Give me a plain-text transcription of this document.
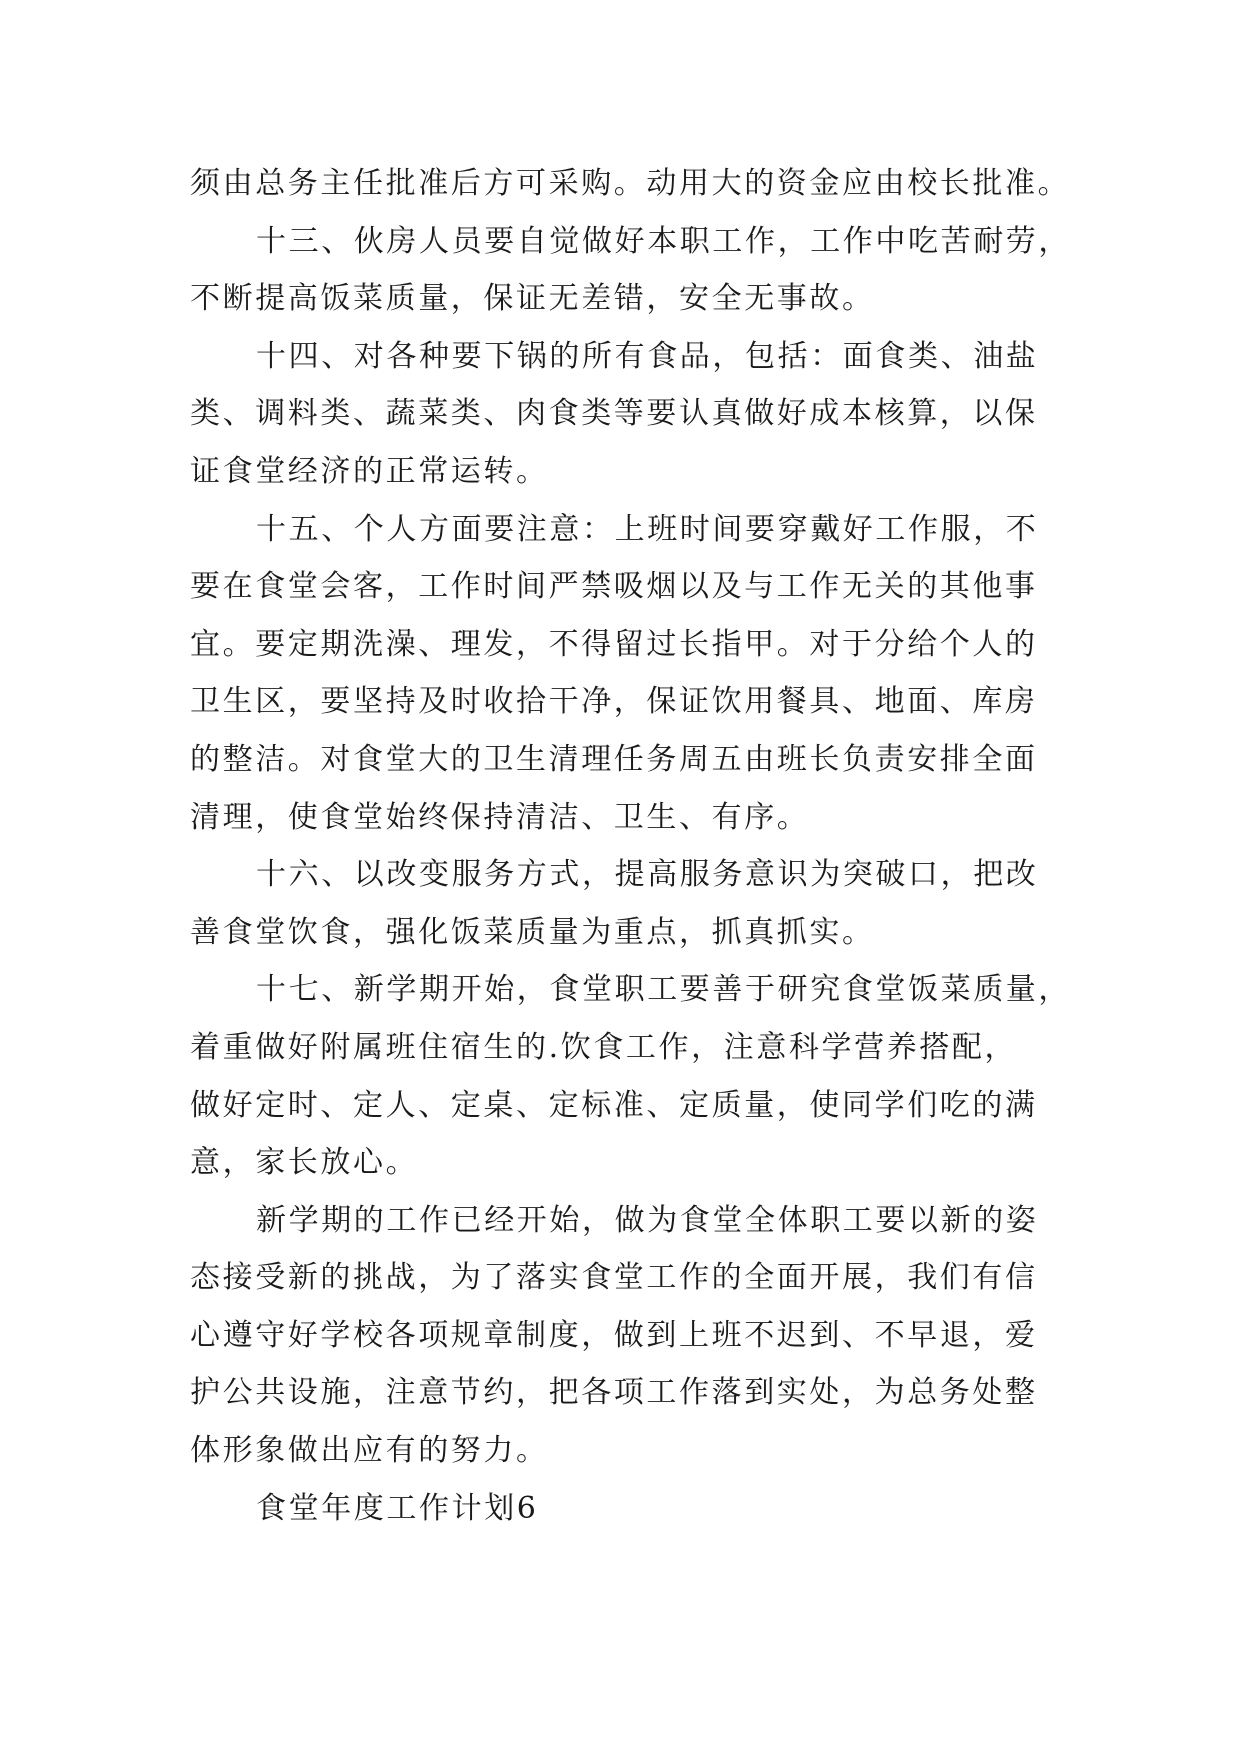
须由总务主任批准后方可采购。动用大的资金应由校长批准。
十三、伙房人员要自觉做好本职工作，工作中吃苦耐劳，
不断提高饭菜质量，保证无差错，安全无事故。
十四、对各种要下锅的所有食品，包括：面食类、油盐
类、调料类、蔬菜类、肉食类等要认真做好成本核算，以保
证食堂经济的正常运转。
十五、个人方面要注意：上班时间要穿戴好工作服，不
要在食堂会客，工作时间严禁吸烟以及与工作无关的其他事
宜。要定期洗澡、理发，不得留过长指甲。对于分给个人的
卫生区，要坚持及时收拾干净，保证饮用餐具、地面、库房
的整洁。对食堂大的卫生清理任务周五由班长负责安排全面
清理，使食堂始终保持清洁、卫生、有序。
十六、以改变服务方式，提高服务意识为突破口，把改
善食堂饮食，强化饭菜质量为重点，抓真抓实。
十七、新学期开始，食堂职工要善于研究食堂饭菜质量，
着重做好附属班住宿生的.饮食工作，注意科学营养搭配，
做好定时、定人、定桌、定标准、定质量，使同学们吃的满
意，家长放心。
新学期的工作已经开始，做为食堂全体职工要以新的姿
态接受新的挑战，为了落实食堂工作的全面开展，我们有信
心遵守好学校各项规章制度，做到上班不迟到、不早退，爱
护公共设施，注意节约，把各项工作落到实处，为总务处整
体形象做出应有的努力。
食堂年度工作计划6
